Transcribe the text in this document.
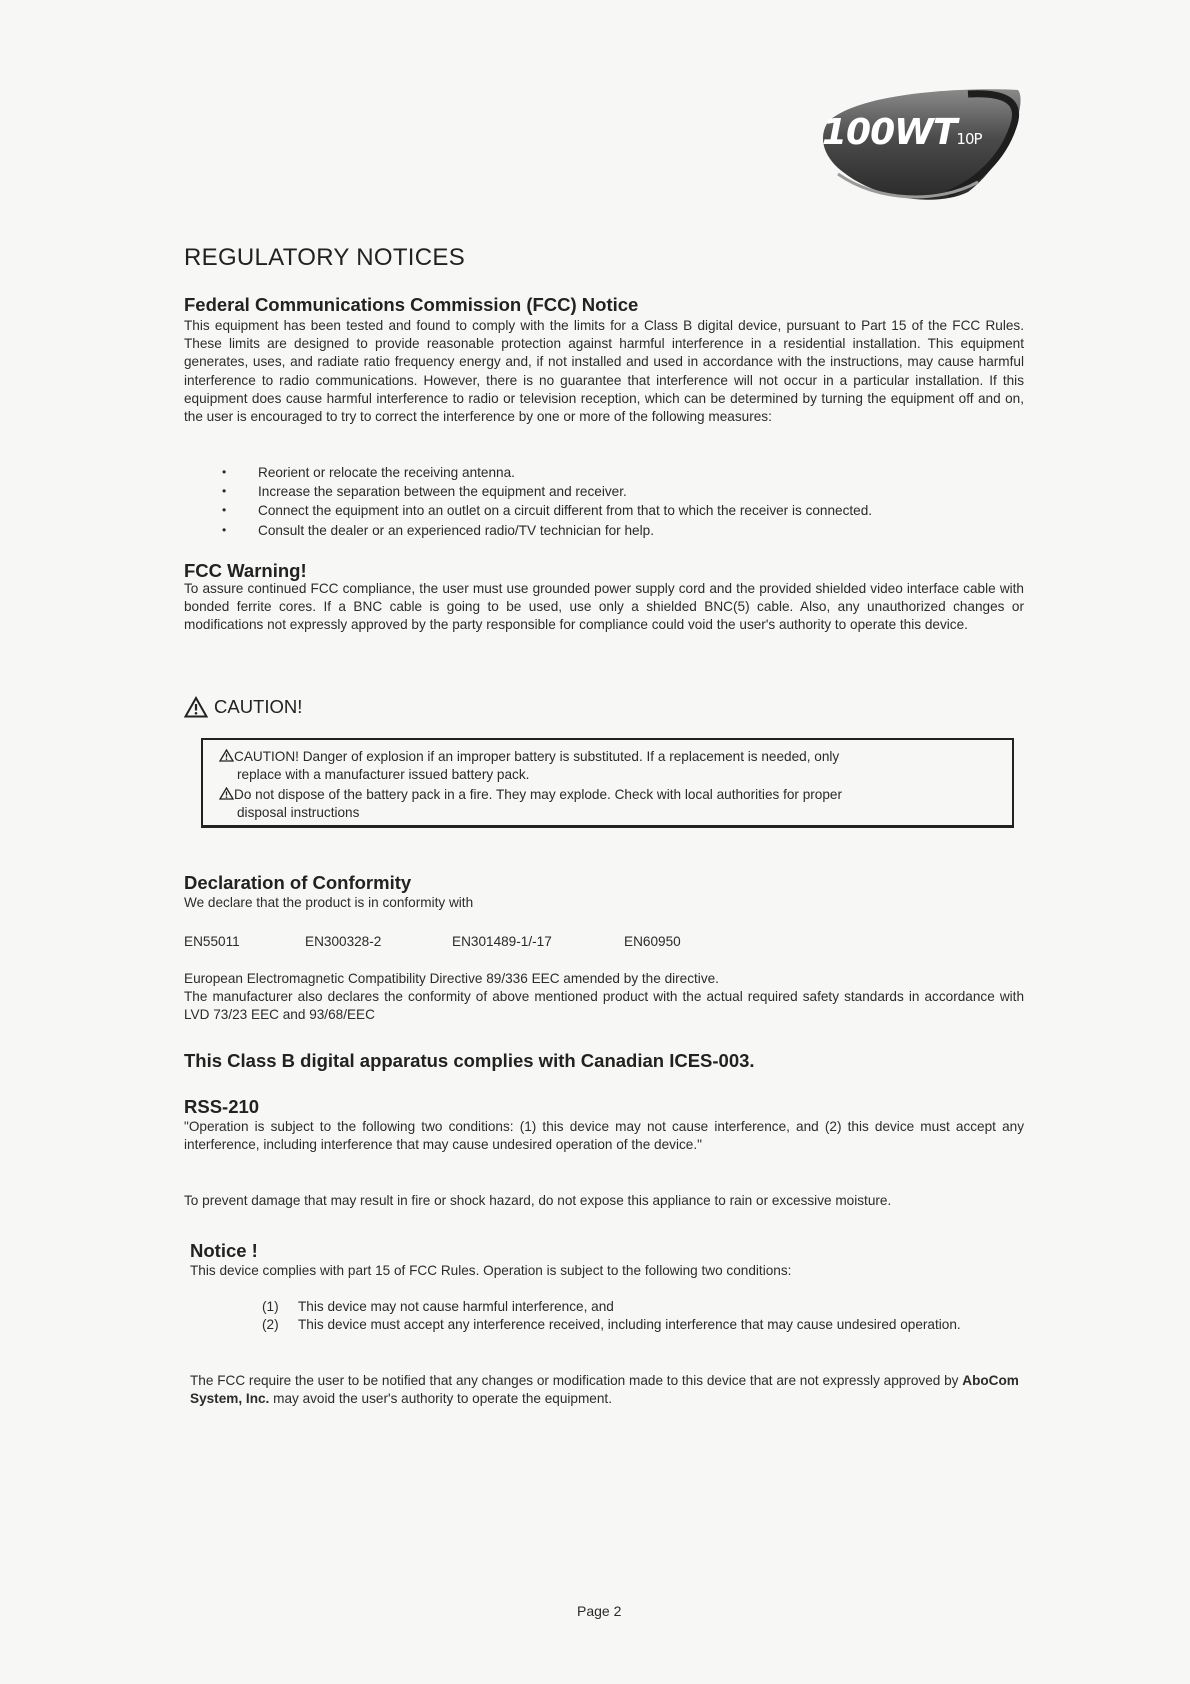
100WT10P
REGULATORY NOTICES
Federal Communications Commission (FCC) Notice
This equipment has been tested and found to comply with the limits for a Class B digital device, pursuant to Part 15 of the FCC Rules. These limits are designed to provide reasonable protection against harmful interference in a residential installation. This equipment generates, uses, and radiate ratio frequency energy and, if not installed and used in accordance with the instructions, may cause harmful interference to radio communications. However, there is no guarantee that interference will not occur in a particular installation. If this equipment does cause harmful interference to radio or television reception, which can be determined by turning the equipment off and on, the user is encouraged to try to correct the interference by one or more of the following measures:
• Reorient or relocate the receiving antenna.
• Increase the separation between the equipment and receiver.
• Connect the equipment into an outlet on a circuit different from that to which the receiver is connected.
• Consult the dealer or an experienced radio/TV technician for help.
FCC Warning!
To assure continued FCC compliance, the user must use grounded power supply cord and the provided shielded video interface cable with bonded ferrite cores. If a BNC cable is going to be used, use only a shielded BNC(5) cable. Also, any unauthorized changes or modifications not expressly approved by the party responsible for compliance could void the user's authority to operate this device.
CAUTION!
CAUTION! Danger of explosion if an improper battery is substituted. If a replacement is needed, only
replace with a manufacturer issued battery pack.
Do not dispose of the battery pack in a fire. They may explode. Check with local authorities for proper
disposal instructions
Declaration of Conformity
We declare that the product is in conformity with
EN55011	EN300328-2	EN301489-1/-17	EN60950
European Electromagnetic Compatibility Directive 89/336 EEC amended by the directive.
The manufacturer also declares the conformity of above mentioned product with the actual required safety standards in accordance with LVD 73/23 EEC and 93/68/EEC
This Class B digital apparatus complies with Canadian ICES-003.
RSS-210
"Operation is subject to the following two conditions: (1) this device may not cause interference, and (2) this device must accept any interference, including interference that may cause undesired operation of the device."
To prevent damage that may result in fire or shock hazard, do not expose this appliance to rain or excessive moisture.
Notice !
This device complies with part 15 of FCC Rules. Operation is subject to the following two conditions:
(1)	This device may not cause harmful interference, and
(2)	This device must accept any interference received, including interference that may cause undesired operation.
The FCC require the user to be notified that any changes or modification made to this device that are not expressly approved by AboCom System, Inc. may avoid the user's authority to operate the equipment.
Page 2
